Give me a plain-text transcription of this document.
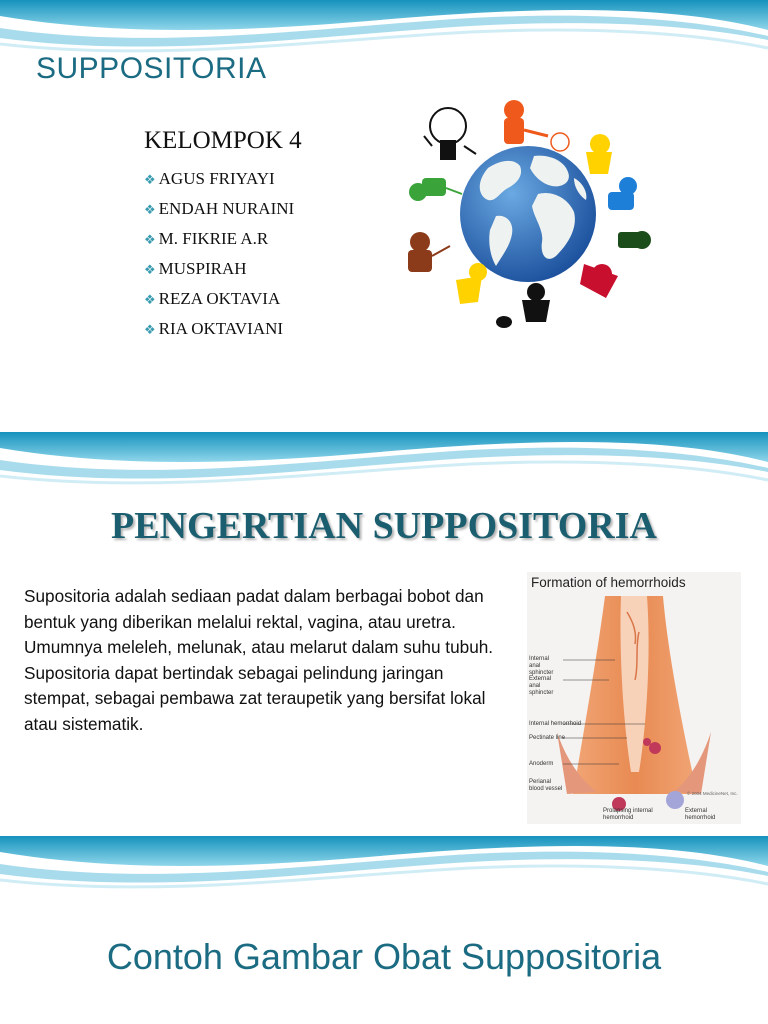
SUPPOSITORIA
KELOMPOK 4
❖ AGUS FRIYAYI
❖ ENDAH NURAINI
❖ M. FIKRIE A.R
❖ MUSPIRAH
❖ REZA OKTAVIA
❖ RIA OKTAVIANI
PENGERTIAN SUPPOSITORIA
Supositoria adalah sediaan padat dalam berbagai bobot dan bentuk yang diberikan melalui rektal, vagina, atau uretra. Umumnya meleleh, melunak, atau melarut dalam suhu tubuh. Supositoria dapat bertindak sebagai pelindung jaringan stempat, sebagai pembawa zat teraupetik yang bersifat lokal atau sistematik.
Formation of hemorrhoids
Internal anal sphincter
External anal sphincter
Internal hemorrhoid
Pectinate line
Anoderm
Perianal blood vessel
Prolapsing internal hemorrhoid
External hemorrhoid
© 2004 MedicineNet, Inc.
Contoh Gambar Obat Suppositoria
